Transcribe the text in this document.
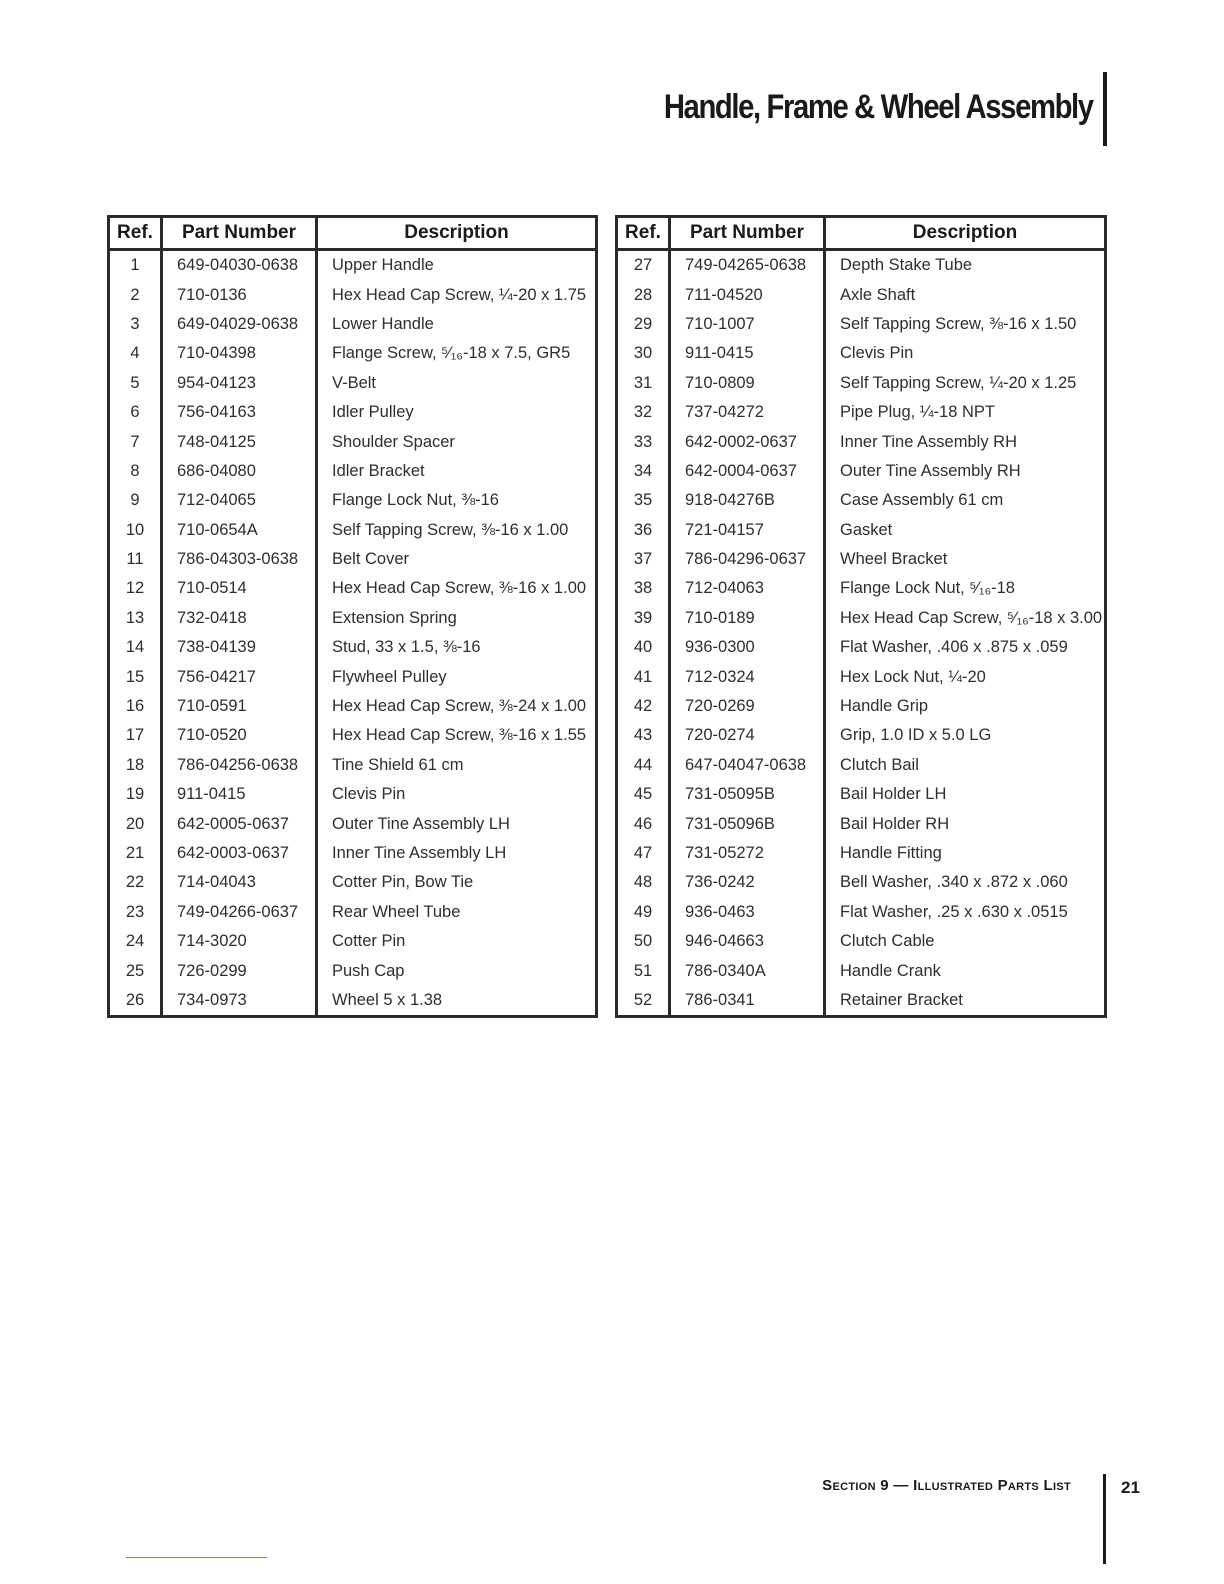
Handle, Frame & Wheel Assembly
Ref.	Part Number	Description
1	649-04030-0638	Upper Handle
2	710-0136	Hex Head Cap Screw, ¼-20 x 1.75
3	649-04029-0638	Lower Handle
4	710-04398	Flange Screw, ⁵⁄₁₆-18 x 7.5, GR5
5	954-04123	V-Belt
6	756-04163	Idler Pulley
7	748-04125	Shoulder Spacer
8	686-04080	Idler Bracket
9	712-04065	Flange Lock Nut, ⅜-16
10	710-0654A	Self Tapping Screw, ⅜-16 x 1.00
11	786-04303-0638	Belt Cover
12	710-0514	Hex Head Cap Screw, ⅜-16 x 1.00
13	732-0418	Extension Spring
14	738-04139	Stud, 33 x 1.5, ⅜-16
15	756-04217	Flywheel Pulley
16	710-0591	Hex Head Cap Screw, ⅜-24 x 1.00
17	710-0520	Hex Head Cap Screw, ⅜-16 x 1.55
18	786-04256-0638	Tine Shield 61 cm
19	911-0415	Clevis Pin
20	642-0005-0637	Outer Tine Assembly LH
21	642-0003-0637	Inner Tine Assembly LH
22	714-04043	Cotter Pin, Bow Tie
23	749-04266-0637	Rear Wheel Tube
24	714-3020	Cotter Pin
25	726-0299	Push Cap
26	734-0973	Wheel 5 x 1.38
Ref.	Part Number	Description
27	749-04265-0638	Depth Stake Tube
28	711-04520	Axle Shaft
29	710-1007	Self Tapping Screw, ⅜-16 x 1.50
30	911-0415	Clevis Pin
31	710-0809	Self Tapping Screw, ¼-20 x 1.25
32	737-04272	Pipe Plug, ¼-18 NPT
33	642-0002-0637	Inner Tine Assembly RH
34	642-0004-0637	Outer Tine Assembly RH
35	918-04276B	Case Assembly 61 cm
36	721-04157	Gasket
37	786-04296-0637	Wheel Bracket
38	712-04063	Flange Lock Nut, ⁵⁄₁₆-18
39	710-0189	Hex Head Cap Screw, ⁵⁄₁₆-18 x 3.00
40	936-0300	Flat Washer, .406 x .875 x .059
41	712-0324	Hex Lock Nut, ¼-20
42	720-0269	Handle Grip
43	720-0274	Grip, 1.0 ID x 5.0 LG
44	647-04047-0638	Clutch Bail
45	731-05095B	Bail Holder LH
46	731-05096B	Bail Holder RH
47	731-05272	Handle Fitting
48	736-0242	Bell Washer, .340 x .872 x .060
49	936-0463	Flat Washer, .25 x .630 x .0515
50	946-04663	Clutch Cable
51	786-0340A	Handle Crank
52	786-0341	Retainer Bracket
Section 9 — Illustrated Parts List	21
